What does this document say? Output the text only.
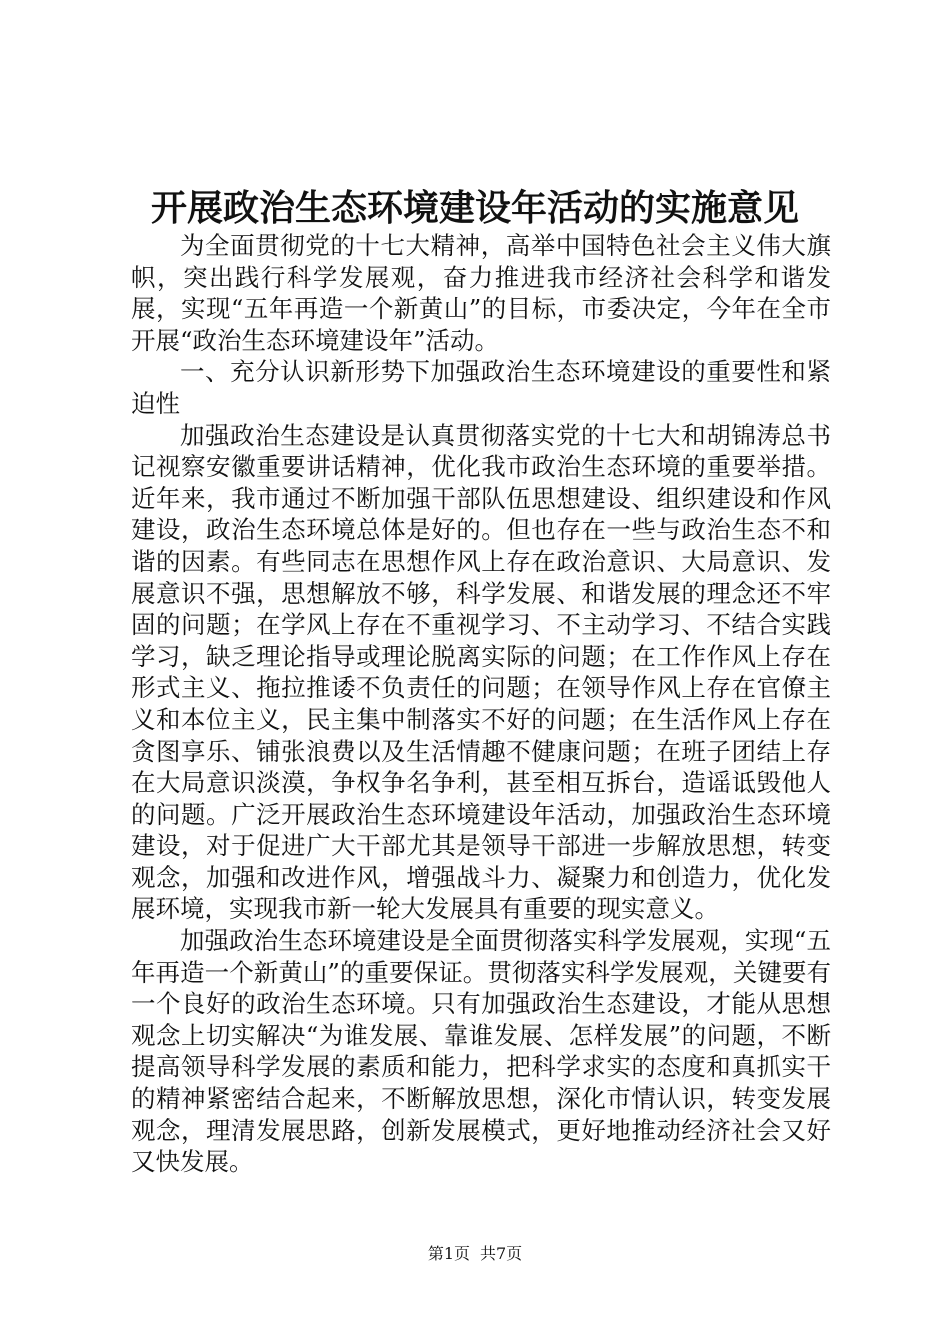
开展政治生态环境建设年活动的实施意见

为全面贯彻党的十七大精神，高举中国特色社会主义伟大旗帜，突出践行科学发展观，奋力推进我市经济社会科学和谐发展，实现“五年再造一个新黄山”的目标，市委决定，今年在全市开展“政治生态环境建设年”活动。

一、充分认识新形势下加强政治生态环境建设的重要性和紧迫性

加强政治生态建设是认真贯彻落实党的十七大和胡锦涛总书记视察安徽重要讲话精神，优化我市政治生态环境的重要举措。近年来，我市通过不断加强干部队伍思想建设、组织建设和作风建设，政治生态环境总体是好的。但也存在一些与政治生态不和谐的因素。有些同志在思想作风上存在政治意识、大局意识、发展意识不强，思想解放不够，科学发展、和谐发展的理念还不牢固的问题；在学风上存在不重视学习、不主动学习、不结合实践学习，缺乏理论指导或理论脱离实际的问题；在工作作风上存在形式主义、拖拉推诿不负责任的问题；在领导作风上存在官僚主义和本位主义，民主集中制落实不好的问题；在生活作风上存在贪图享乐、铺张浪费以及生活情趣不健康问题；在班子团结上存在大局意识淡漠，争权争名争利，甚至相互拆台，造谣诋毁他人的问题。广泛开展政治生态环境建设年活动，加强政治生态环境建设，对于促进广大干部尤其是领导干部进一步解放思想，转变观念，加强和改进作风，增强战斗力、凝聚力和创造力，优化发展环境，实现我市新一轮大发展具有重要的现实意义。

加强政治生态环境建设是全面贯彻落实科学发展观，实现“五年再造一个新黄山”的重要保证。贯彻落实科学发展观，关键要有一个良好的政治生态环境。只有加强政治生态建设，才能从思想观念上切实解决“为谁发展、靠谁发展、怎样发展”的问题，不断提高领导科学发展的素质和能力，把科学求实的态度和真抓实干的精神紧密结合起来，不断解放思想，深化市情认识，转变发展观念，理清发展思路，创新发展模式，更好地推动经济社会又好又快发展。

第1页 共7页
